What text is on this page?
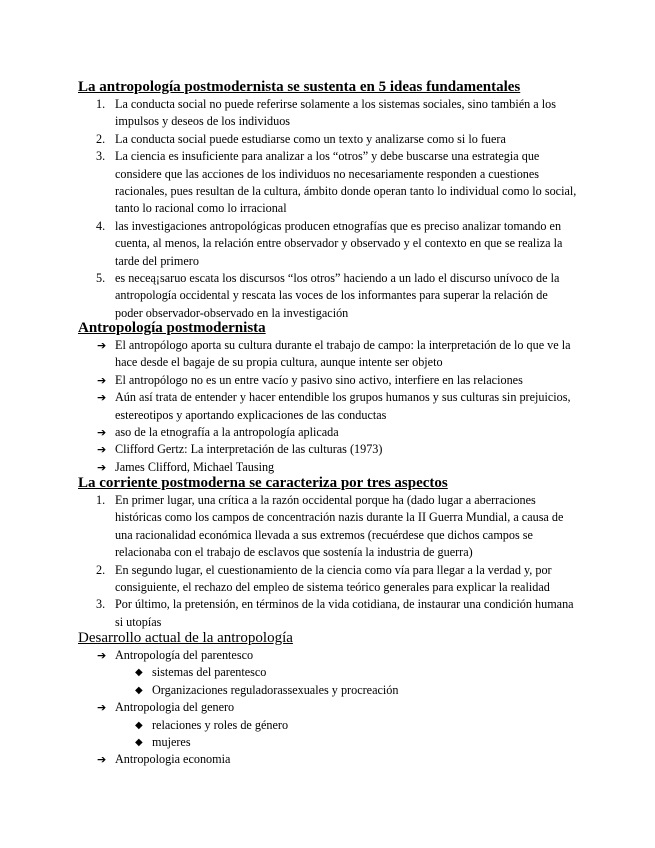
La antropología postmodernista se sustenta en 5 ideas fundamentales
1. La conducta social no puede referirse solamente a los sistemas sociales, sino también a los impulsos y deseos de los individuos
2. La conducta social puede estudiarse como un texto y analizarse como si lo fuera
3. La ciencia es insuficiente para analizar a los “otros” y debe buscarse una estrategia que considere que las acciones de los individuos no necesariamente responden a cuestiones racionales, pues resultan de la cultura, ámbito donde operan tanto lo individual como lo social, tanto lo racional como lo irracional
4. las investigaciones antropológicas producen etnografías que es preciso analizar tomando en cuenta, al menos, la relación entre observador y observado y el contexto en que se realiza la tarde del primero
5. es neceą¡saruo escata los discursos “los otros” haciendo a un lado el discurso unívoco de la antropología occidental y rescata las voces de los informantes para superar la relación de poder observador-observado en la investigación
Antropología postmodernista
➔ El antropólogo aporta su cultura durante el trabajo de campo: la interpretación de lo que ve la hace desde el bagaje de su propia cultura, aunque intente ser objeto
➔ El antropólogo no es un entre vacío y pasivo sino activo, interfiere en las relaciones
➔ Aún así trata de entender y hacer entendible los grupos humanos y sus culturas sin prejuicios, estereotipos y aportando explicaciones de las conductas
➔ aso de la etnografía a la antropología aplicada
➔ Clifford Gertz: La interpretación de las culturas (1973)
➔ James Clifford, Michael Tausing
La corriente postmoderna se caracteriza por tres aspectos
1. En primer lugar, una crítica a la razón occidental porque ha (dado lugar a aberraciones históricas como los campos de concentración nazis durante la II Guerra Mundial, a causa de una racionalidad económica llevada a sus extremos (recuérdese que dichos campos se relacionaba con el trabajo de esclavos que sostenía la industria de guerra)
2. En segundo lugar, el cuestionamiento de la ciencia como vía para llegar a la verdad y, por consiguiente, el rechazo del empleo de sistema teórico generales para explicar la realidad
3. Por último, la pretensión, en términos de la vida cotidiana, de instaurar una condición humana si utopías
Desarrollo actual de la antropología
➔ Antropología del parentesco
◆ sistemas del parentesco
◆ Organizaciones reguladorassexuales y procreación
➔ Antropologia del genero
◆ relaciones y roles de género
◆ mujeres
➔ Antropologia economia
